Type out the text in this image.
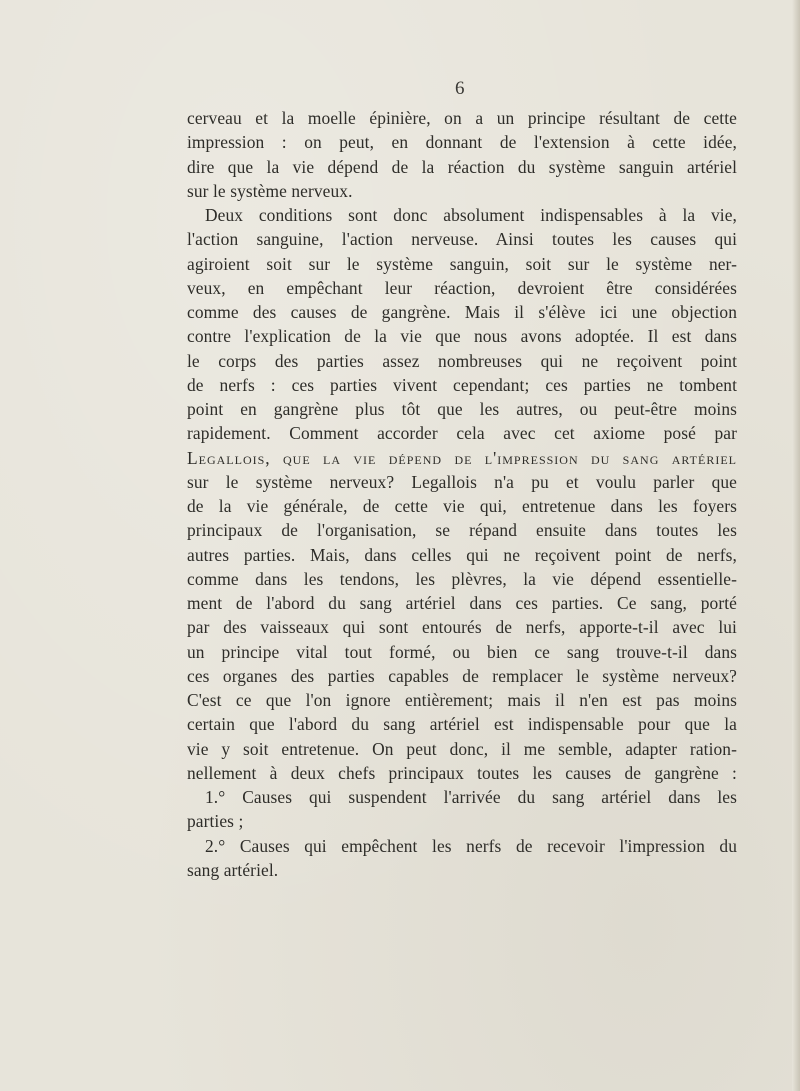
6
cerveau et la moelle épinière, on a un principe résultant de cette
impression : on peut, en donnant de l'extension à cette idée,
dire que la vie dépend de la réaction du système sanguin artériel
sur le système nerveux.
Deux conditions sont donc absolument indispensables à la vie,
l'action sanguine, l'action nerveuse. Ainsi toutes les causes qui
agiroient soit sur le système sanguin, soit sur le système ner-
veux, en empêchant leur réaction, devroient être considérées
comme des causes de gangrène. Mais il s'élève ici une objection
contre l'explication de la vie que nous avons adoptée. Il est dans
le corps des parties assez nombreuses qui ne reçoivent point
de nerfs : ces parties vivent cependant; ces parties ne tombent
point en gangrène plus tôt que les autres, ou peut-être moins
rapidement. Comment accorder cela avec cet axiome posé par
Legallois, que la vie dépend de l'impression du sang artériel
sur le système nerveux? Legallois n'a pu et voulu parler que
de la vie générale, de cette vie qui, entretenue dans les foyers
principaux de l'organisation, se répand ensuite dans toutes les
autres parties. Mais, dans celles qui ne reçoivent point de nerfs,
comme dans les tendons, les plèvres, la vie dépend essentielle-
ment de l'abord du sang artériel dans ces parties. Ce sang, porté
par des vaisseaux qui sont entourés de nerfs, apporte-t-il avec lui
un principe vital tout formé, ou bien ce sang trouve-t-il dans
ces organes des parties capables de remplacer le système nerveux?
C'est ce que l'on ignore entièrement; mais il n'en est pas moins
certain que l'abord du sang artériel est indispensable pour que la
vie y soit entretenue. On peut donc, il me semble, adapter ration-
nellement à deux chefs principaux toutes les causes de gangrène :
1.° Causes qui suspendent l'arrivée du sang artériel dans les
parties ;
2.° Causes qui empêchent les nerfs de recevoir l'impression du
sang artériel.
